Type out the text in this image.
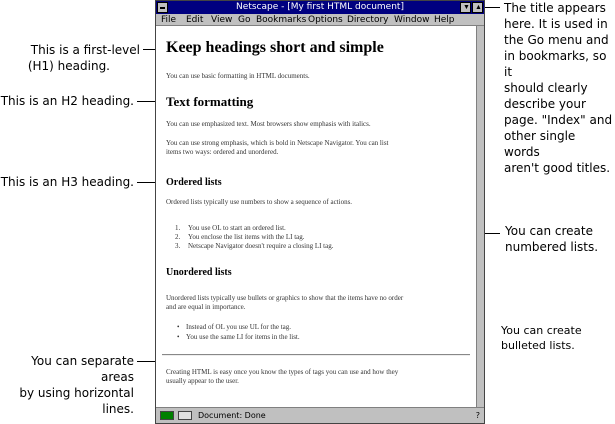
This is a first-level
(H1) heading.
This is an H2 heading.
This is an H3 heading.
You can separate areas
by using horizontal lines.
The title appears
here. It is used in
the Go menu and
in bookmarks, so it
should clearly
describe your
page. "Index" and
other single words
aren't good titles.
You can create
numbered lists.
You can create
bulleted lists.
Netscape - [My first HTML document]	▼ ▲
File Edit View Go Bookmarks Options Directory Window Help
Keep headings short and simple
You can use basic formatting in HTML documents.
Text formatting
You can use emphasized text. Most browsers show emphasis with italics.
You can use strong emphasis, which is bold in Netscape Navigator. You can list
items two ways: ordered and unordered.
Ordered lists
Ordered lists typically use numbers to show a sequence of actions.
1. You use OL to start an ordered list.
2. You enclose the list items with the LI tag.
3. Netscape Navigator doesn't require a closing LI tag.
Unordered lists
Unordered lists typically use bullets or graphics to show that the items have no order
and are equal in importance.
• Instead of OL you use UL for the tag.
• You use the same LI for items in the list.
Creating HTML is easy once you know the types of tags you can use and how they
usually appear to the user.
Document: Done	?
